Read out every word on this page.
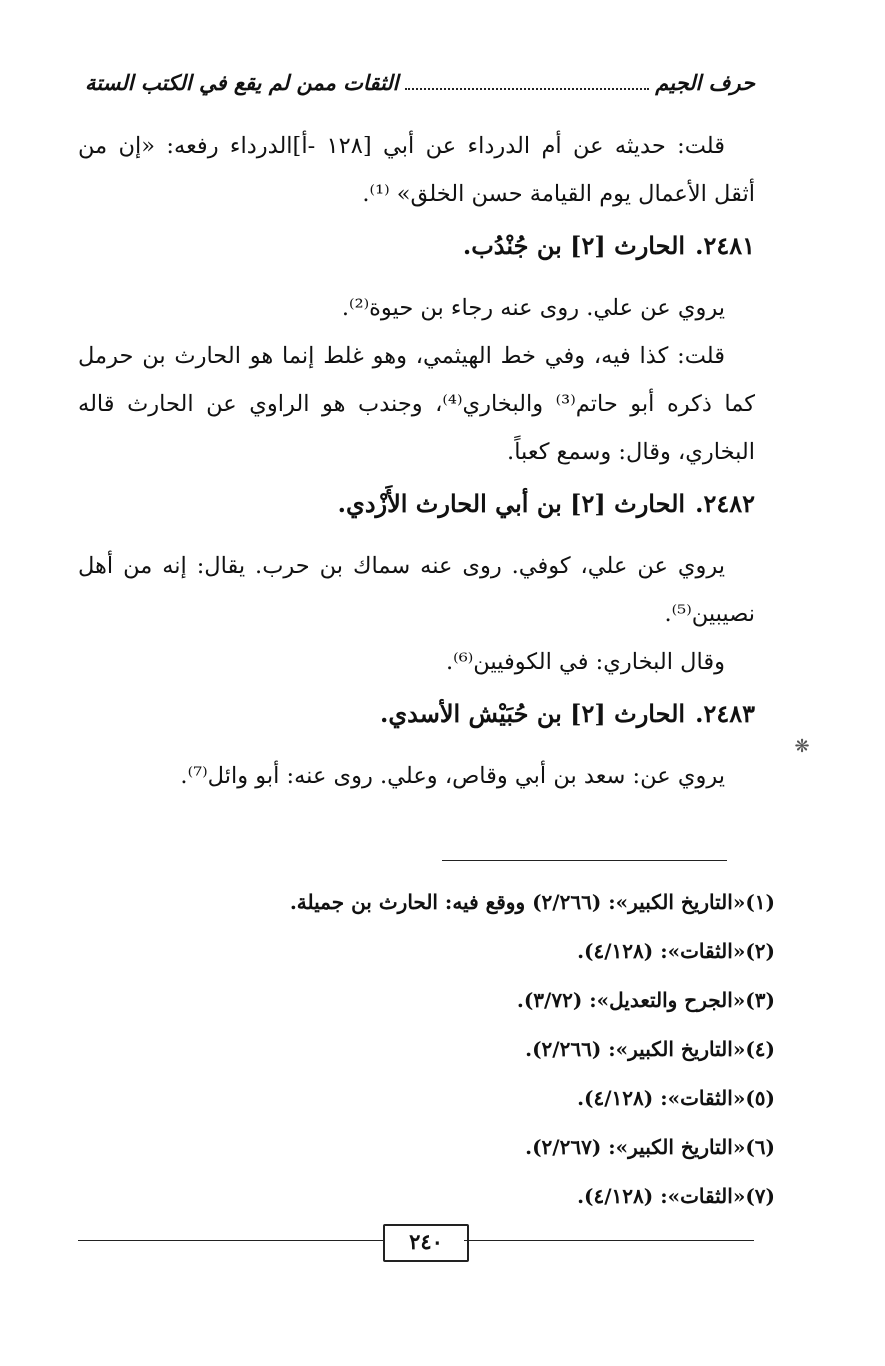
حرف الجيم
الثقات ممن لم يقع في الكتب الستة

قلت: حديثه عن أم الدرداء عن أبي [١٢٨ -أ]الدرداء رفعه: «إن من أثقل الأعمال يوم القيامة حسن الخلق» ⁽¹⁾.

٢٤٨١.الحارث [٢] بن جُنْدُب.

يروي عن علي. روى عنه رجاء بن حيوة⁽²⁾.

قلت: كذا فيه، وفي خط الهيثمي، وهو غلط إنما هو الحارث بن حرمل كما ذكره أبو حاتم⁽³⁾ والبخاري⁽⁴⁾، وجندب هو الراوي عن الحارث قاله البخاري، وقال: وسمع كعباً.

٢٤٨٢.الحارث [٢] بن أبي الحارث الأَزْدي.

يروي عن علي، كوفي. روى عنه سماك بن حرب. يقال: إنه من أهل نصيبين⁽⁵⁾.

وقال البخاري: في الكوفيين⁽⁶⁾.

٢٤٨٣.الحارث [٢] بن حُبَيْش الأسدي.

يروي عن: سعد بن أبي وقاص، وعلي. روى عنه: أبو وائل⁽⁷⁾.

❋

(١)«التاريخ الكبير»: (٢/٢٦٦) ووقع فيه: الحارث بن جميلة.

(٢)«الثقات»: (٤/١٢٨).

(٣)«الجرح والتعديل»: (٣/٧٢).

(٤)«التاريخ الكبير»: (٢/٢٦٦).

(٥)«الثقات»: (٤/١٢٨).

(٦)«التاريخ الكبير»: (٢/٢٦٧).

(٧)«الثقات»: (٤/١٢٨).

٢٤٠
